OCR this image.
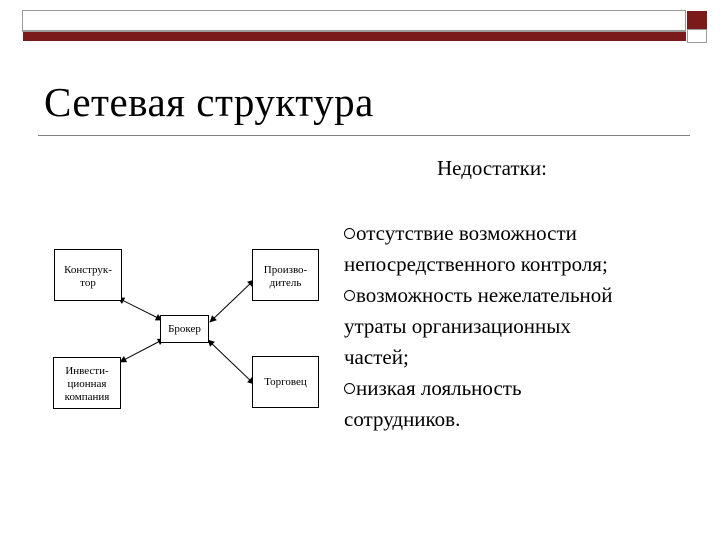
Сетевая структура
Недостатки:
Конструк-
тор
Произво-
дитель
Брокер
Инвести-
ционная
компания
Торговец
отсутствие возможности
непосредственного контроля;
возможность нежелательной
утраты организационных
частей;
низкая лояльность
сотрудников.
